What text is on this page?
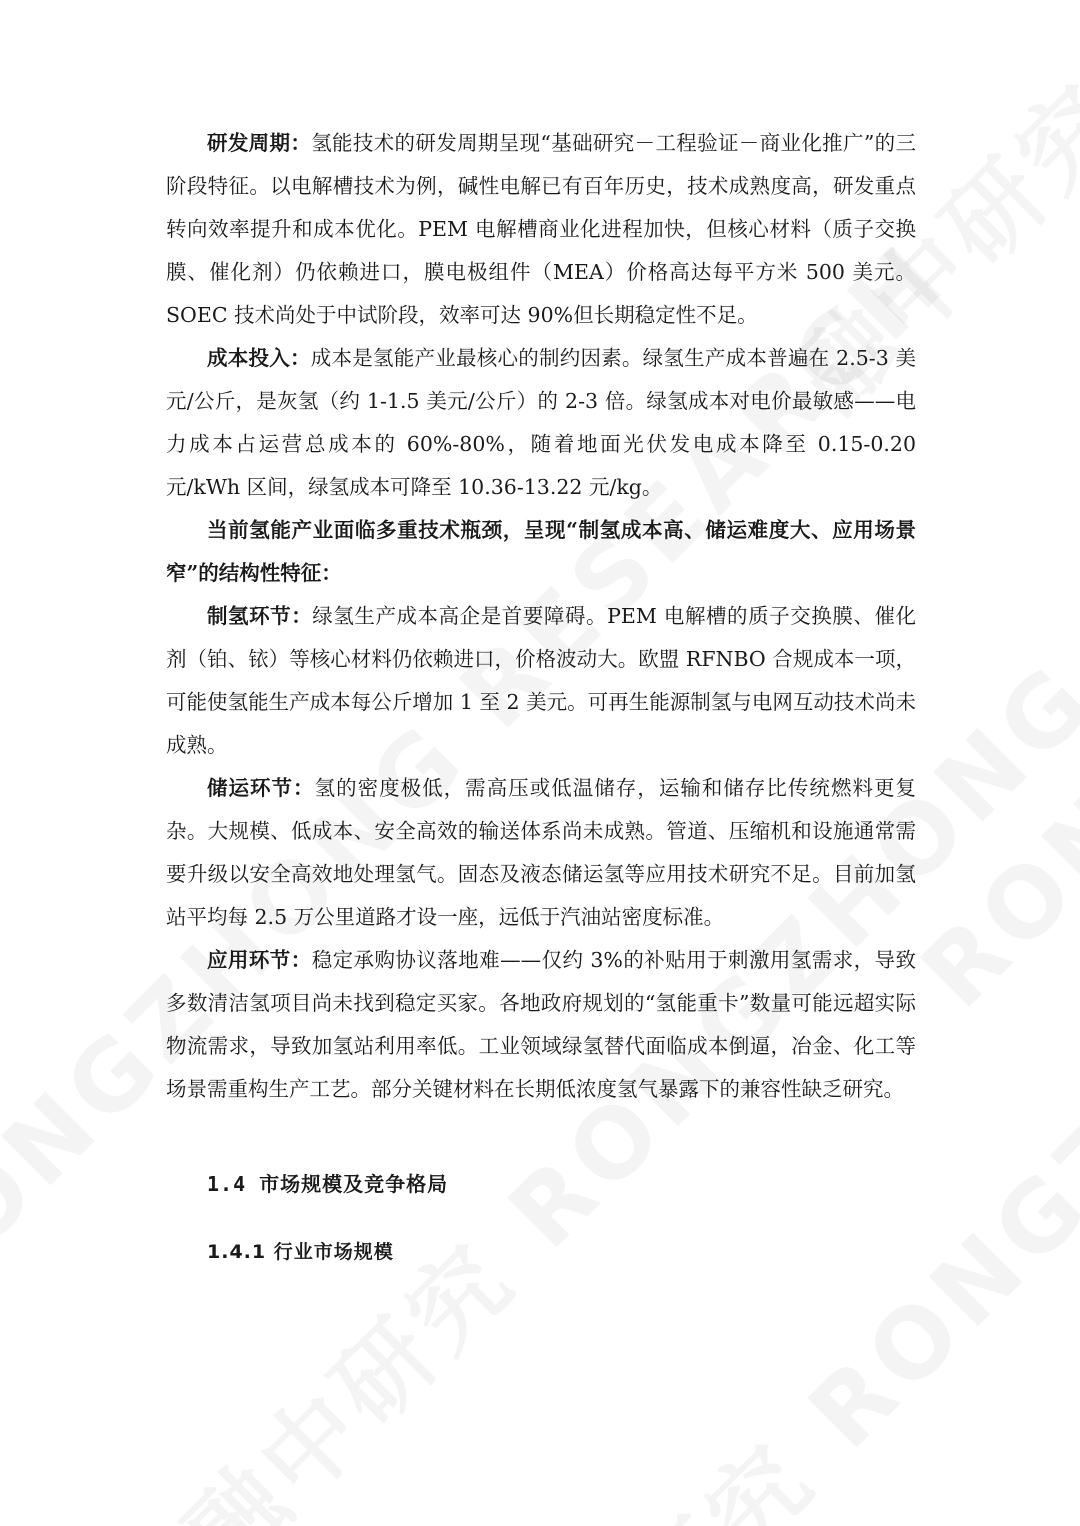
研发周期：氢能技术的研发周期呈现“基础研究－工程验证－商业化推广”的三阶段特征。以电解槽技术为例，碱性电解已有百年历史，技术成熟度高，研发重点转向效率提升和成本优化。PEM 电解槽商业化进程加快，但核心材料（质子交换膜、催化剂）仍依赖进口，膜电极组件（MEA）价格高达每平方米 500 美元。SOEC 技术尚处于中试阶段，效率可达 90%但长期稳定性不足。

成本投入：成本是氢能产业最核心的制约因素。绿氢生产成本普遍在 2.5-3 美元/公斤，是灰氢（约 1-1.5 美元/公斤）的 2-3 倍。绿氢成本对电价最敏感——电力成本占运营总成本的 60%-80%，随着地面光伏发电成本降至 0.15-0.20 元/kWh 区间，绿氢成本可降至 10.36-13.22 元/kg。

当前氢能产业面临多重技术瓶颈，呈现“制氢成本高、储运难度大、应用场景窄”的结构性特征：

制氢环节：绿氢生产成本高企是首要障碍。PEM 电解槽的质子交换膜、催化剂（铂、铱）等核心材料仍依赖进口，价格波动大。欧盟 RFNBO 合规成本一项，可能使氢能生产成本每公斤增加 1 至 2 美元。可再生能源制氢与电网互动技术尚未成熟。

储运环节：氢的密度极低，需高压或低温储存，运输和储存比传统燃料更复杂。大规模、低成本、安全高效的输送体系尚未成熟。管道、压缩机和设施通常需要升级以安全高效地处理氢气。固态及液态储运氢等应用技术研究不足。目前加氢站平均每 2.5 万公里道路才设一座，远低于汽油站密度标准。

应用环节：稳定承购协议落地难——仅约 3%的补贴用于刺激用氢需求，导致多数清洁氢项目尚未找到稳定买家。各地政府规划的“氢能重卡”数量可能远超实际物流需求，导致加氢站利用率低。工业领域绿氢替代面临成本倒逼，冶金、化工等场景需重构生产工艺。部分关键材料在长期低浓度氢气暴露下的兼容性缺乏研究。

1.4 市场规模及竞争格局
1.4.1 行业市场规模
